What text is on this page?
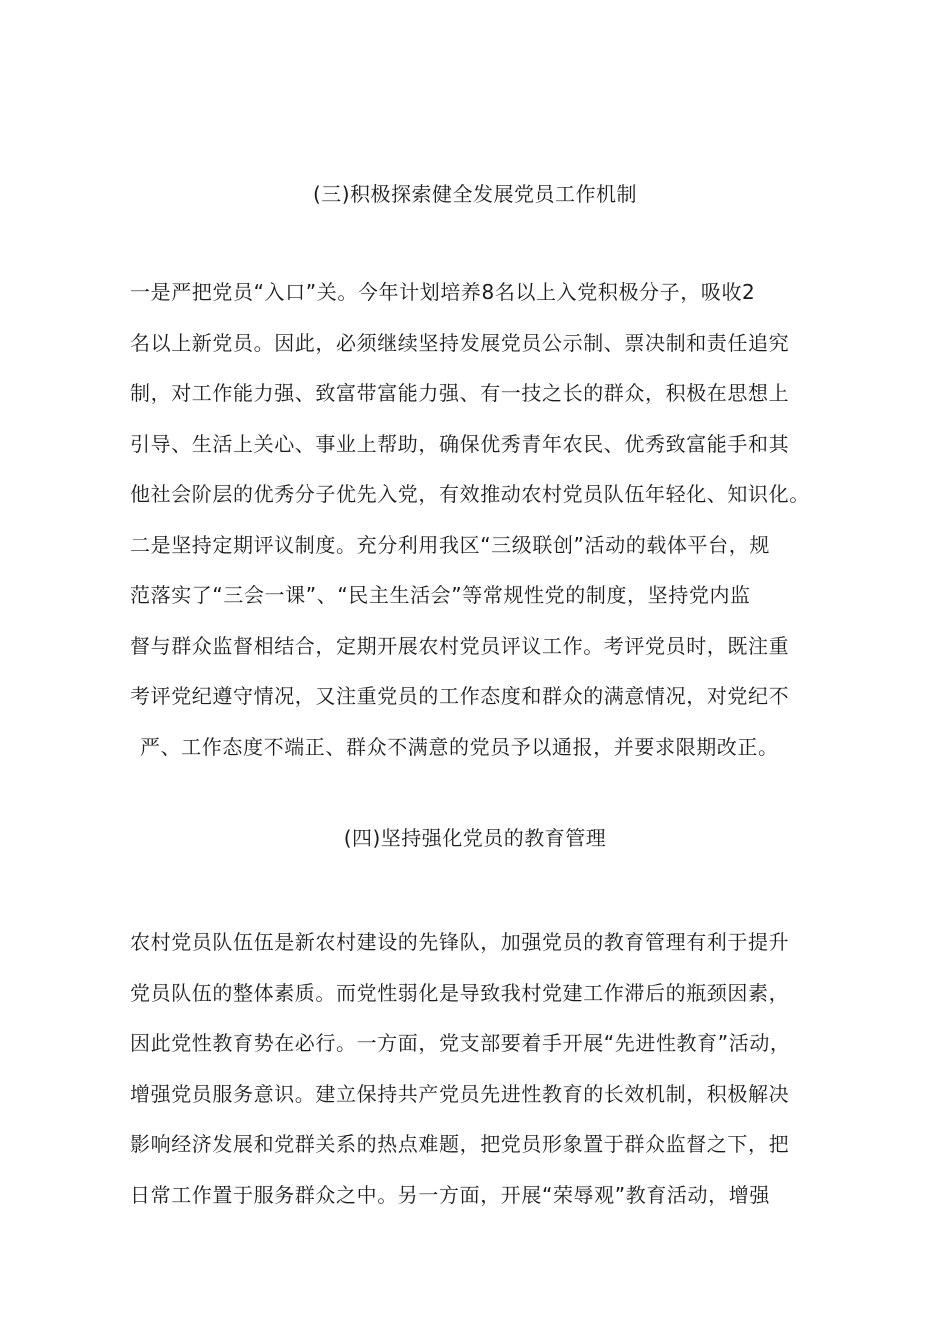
(三)积极探索健全发展党员工作机制
一是严把党员“入口”关。今年计划培养8名以上入党积极分子，吸收2
名以上新党员。因此，必须继续坚持发展党员公示制、票决制和责任追究
制，对工作能力强、致富带富能力强、有一技之长的群众，积极在思想上
引导、生活上关心、事业上帮助，确保优秀青年农民、优秀致富能手和其
他社会阶层的优秀分子优先入党，有效推动农村党员队伍年轻化、知识化。
二是坚持定期评议制度。充分利用我区“三级联创”活动的载体平台，规
范落实了“三会一课”、“民主生活会”等常规性党的制度，坚持党内监
督与群众监督相结合，定期开展农村党员评议工作。考评党员时，既注重
考评党纪遵守情况，又注重党员的工作态度和群众的满意情况，对党纪不
严、工作态度不端正、群众不满意的党员予以通报，并要求限期改正。
(四)坚持强化党员的教育管理
农村党员队伍伍是新农村建设的先锋队，加强党员的教育管理有利于提升
党员队伍的整体素质。而党性弱化是导致我村党建工作滞后的瓶颈因素，
因此党性教育势在必行。一方面，党支部要着手开展“先进性教育”活动，
增强党员服务意识。建立保持共产党员先进性教育的长效机制，积极解决
影响经济发展和党群关系的热点难题，把党员形象置于群众监督之下，把
日常工作置于服务群众之中。另一方面，开展“荣辱观”教育活动，增强
